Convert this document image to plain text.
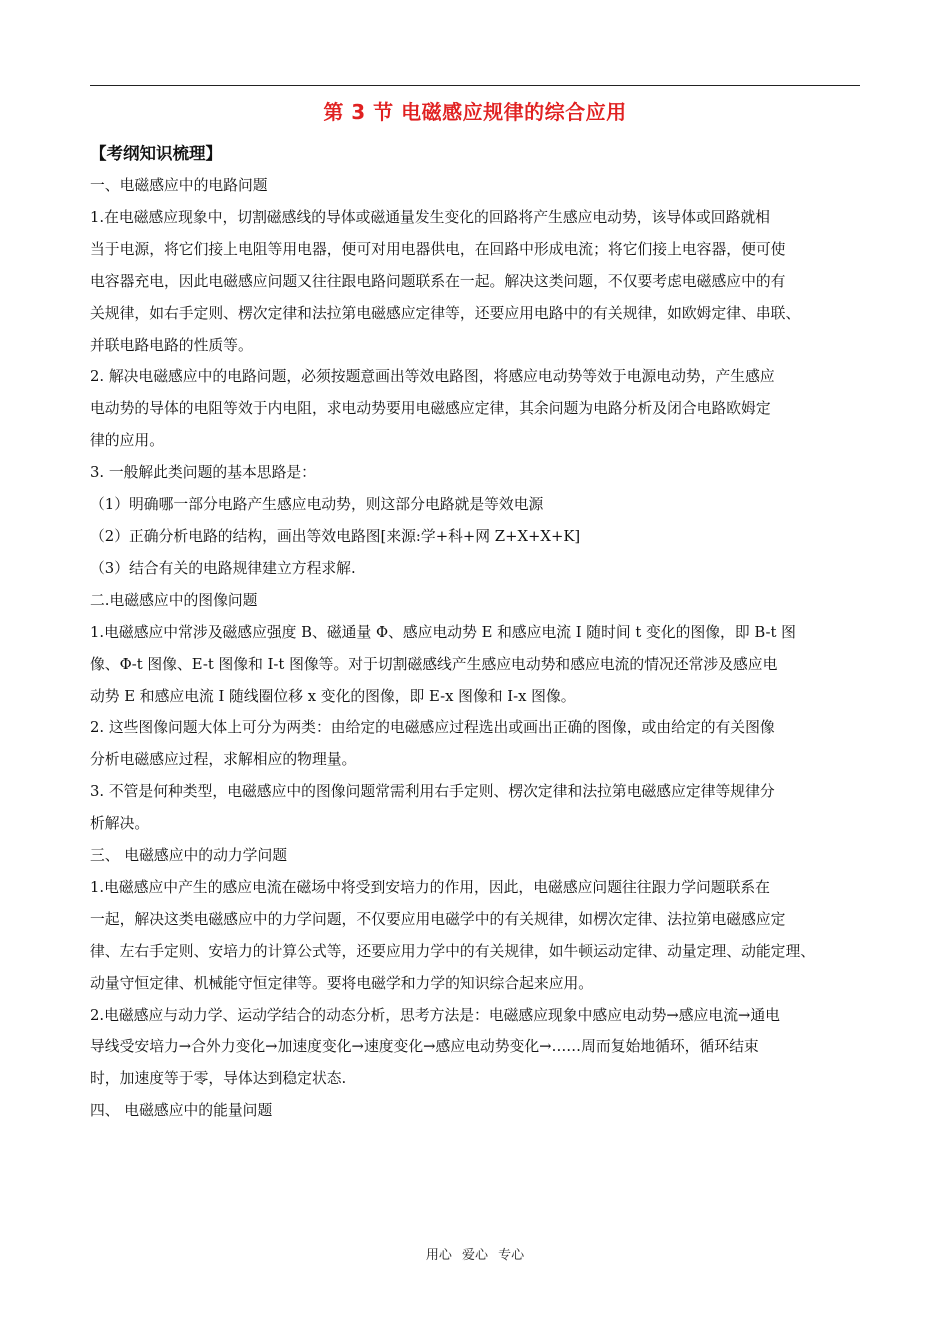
第 3 节 电磁感应规律的综合应用
【考纲知识梳理】

一、电磁感应中的电路问题

1.在电磁感应现象中，切割磁感线的导体或磁通量发生变化的回路将产生感应电动势，该导体或回路就相

当于电源，将它们接上电阻等用电器，便可对用电器供电，在回路中形成电流；将它们接上电容器，便可使

电容器充电，因此电磁感应问题又往往跟电路问题联系在一起。解决这类问题，不仅要考虑电磁感应中的有

关规律，如右手定则、楞次定律和法拉第电磁感应定律等，还要应用电路中的有关规律，如欧姆定律、串联、

并联电路电路的性质等。

2. 解决电磁感应中的电路问题，必须按题意画出等效电路图，将感应电动势等效于电源电动势，产生感应

电动势的导体的电阻等效于内电阻，求电动势要用电磁感应定律，其余问题为电路分析及闭合电路欧姆定

律的应用。

3. 一般解此类问题的基本思路是：

（1）明确哪一部分电路产生感应电动势，则这部分电路就是等效电源

（2）正确分析电路的结构，画出等效电路图[来源:学+科+网 Z+X+X+K]

（3）结合有关的电路规律建立方程求解.

二.电磁感应中的图像问题

1.电磁感应中常涉及磁感应强度 B、磁通量 Φ、感应电动势 E 和感应电流 I 随时间 t 变化的图像，即 B-t 图

像、Φ-t 图像、E-t 图像和 I-t 图像等。对于切割磁感线产生感应电动势和感应电流的情况还常涉及感应电

动势 E 和感应电流 I 随线圈位移 x 变化的图像，即 E-x 图像和 I-x 图像。

2. 这些图像问题大体上可分为两类：由给定的电磁感应过程选出或画出正确的图像，或由给定的有关图像

分析电磁感应过程，求解相应的物理量。

3. 不管是何种类型，电磁感应中的图像问题常需利用右手定则、楞次定律和法拉第电磁感应定律等规律分

析解决。

三、 电磁感应中的动力学问题

1.电磁感应中产生的感应电流在磁场中将受到安培力的作用，因此，电磁感应问题往往跟力学问题联系在

一起，解决这类电磁感应中的力学问题，不仅要应用电磁学中的有关规律，如楞次定律、法拉第电磁感应定

律、左右手定则、安培力的计算公式等，还要应用力学中的有关规律，如牛顿运动定律、动量定理、动能定理、

动量守恒定律、机械能守恒定律等。要将电磁学和力学的知识综合起来应用。

2.电磁感应与动力学、运动学结合的动态分析，思考方法是：电磁感应现象中感应电动势→感应电流→通电

导线受安培力→合外力变化→加速度变化→速度变化→感应电动势变化→……周而复始地循环，循环结束

时，加速度等于零，导体达到稳定状态.

四、 电磁感应中的能量问题

用心 爱心 专心
